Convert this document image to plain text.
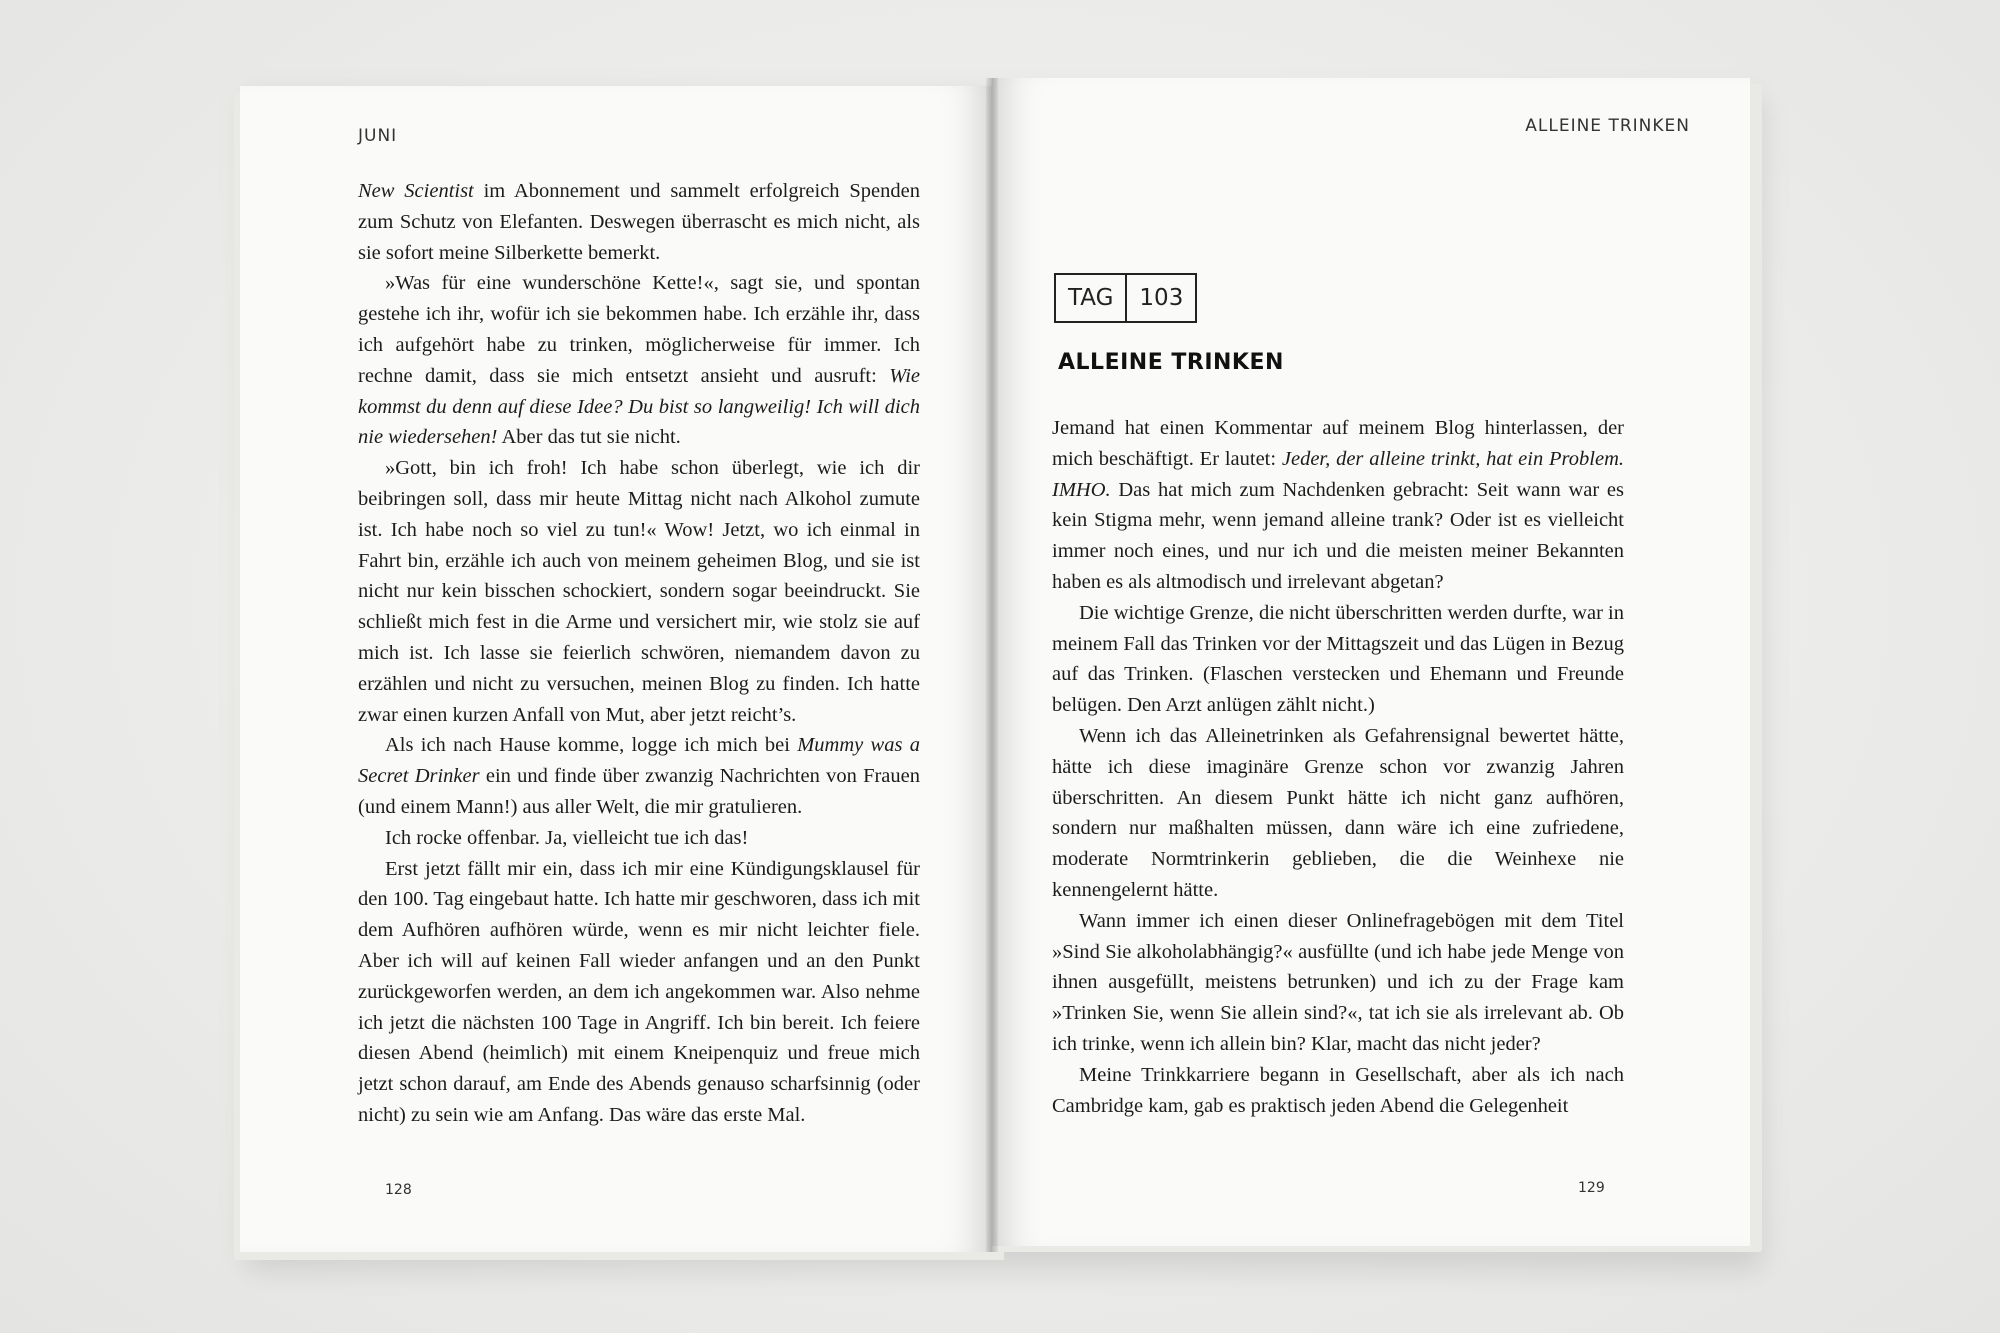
JUNI

New Scientist im Abonnement und sammelt erfolgreich Spenden zum Schutz von Elefanten. Deswegen überrascht es mich nicht, als sie sofort meine Silberkette bemerkt.

»Was für eine wunderschöne Kette!«, sagt sie, und spontan gestehe ich ihr, wofür ich sie bekommen habe. Ich erzähle ihr, dass ich aufgehört habe zu trinken, möglicherweise für immer. Ich rechne damit, dass sie mich entsetzt ansieht und ausruft: Wie kommst du denn auf diese Idee? Du bist so langweilig! Ich will dich nie wiedersehen! Aber das tut sie nicht.

»Gott, bin ich froh! Ich habe schon überlegt, wie ich dir beibringen soll, dass mir heute Mittag nicht nach Alkohol zumute ist. Ich habe noch so viel zu tun!« Wow! Jetzt, wo ich einmal in Fahrt bin, erzähle ich auch von meinem geheimen Blog, und sie ist nicht nur kein bisschen schockiert, sondern sogar beeindruckt. Sie schließt mich fest in die Arme und versichert mir, wie stolz sie auf mich ist. Ich lasse sie feierlich schwören, niemandem davon zu erzählen und nicht zu versuchen, meinen Blog zu finden. Ich hatte zwar einen kurzen Anfall von Mut, aber jetzt reicht’s.

Als ich nach Hause komme, logge ich mich bei Mummy was a Secret Drinker ein und finde über zwanzig Nachrichten von Frauen (und einem Mann!) aus aller Welt, die mir gratulieren.

Ich rocke offenbar. Ja, vielleicht tue ich das!

Erst jetzt fällt mir ein, dass ich mir eine Kündigungsklausel für den 100. Tag eingebaut hatte. Ich hatte mir geschworen, dass ich mit dem Aufhören aufhören würde, wenn es mir nicht leichter fiele. Aber ich will auf keinen Fall wieder anfangen und an den Punkt zurückgeworfen werden, an dem ich angekommen war. Also nehme ich jetzt die nächsten 100 Tage in Angriff. Ich bin bereit. Ich feiere diesen Abend (heimlich) mit einem Kneipenquiz und freue mich jetzt schon darauf, am Ende des Abends genauso scharfsinnig (oder nicht) zu sein wie am Anfang. Das wäre das erste Mal.

128
ALLEINE TRINKEN
TAG	103
ALLEINE TRINKEN

Jemand hat einen Kommentar auf meinem Blog hinterlassen, der mich beschäftigt. Er lautet: Jeder, der alleine trinkt, hat ein Problem. IMHO. Das hat mich zum Nachdenken gebracht: Seit wann war es kein Stigma mehr, wenn jemand alleine trank? Oder ist es vielleicht immer noch eines, und nur ich und die meisten meiner Bekannten haben es als altmodisch und irrelevant abgetan?

Die wichtige Grenze, die nicht überschritten werden durfte, war in meinem Fall das Trinken vor der Mittagszeit und das Lügen in Bezug auf das Trinken. (Flaschen verstecken und Ehemann und Freunde belügen. Den Arzt anlügen zählt nicht.)

Wenn ich das Alleinetrinken als Gefahrensignal bewertet hätte, hätte ich diese imaginäre Grenze schon vor zwanzig Jahren überschritten. An diesem Punkt hätte ich nicht ganz aufhören, sondern nur maßhalten müssen, dann wäre ich eine zufriedene, moderate Normtrinkerin geblieben, die die Weinhexe nie kennengelernt hätte.

Wann immer ich einen dieser Onlinefragebögen mit dem Titel »Sind Sie alkoholabhängig?« ausfüllte (und ich habe jede Menge von ihnen ausgefüllt, meistens betrunken) und ich zu der Frage kam »Trinken Sie, wenn Sie allein sind?«, tat ich sie als irrelevant ab. Ob ich trinke, wenn ich allein bin? Klar, macht das nicht jeder?

Meine Trinkkarriere begann in Gesellschaft, aber als ich nach Cambridge kam, gab es praktisch jeden Abend die Gelegenheit

129
